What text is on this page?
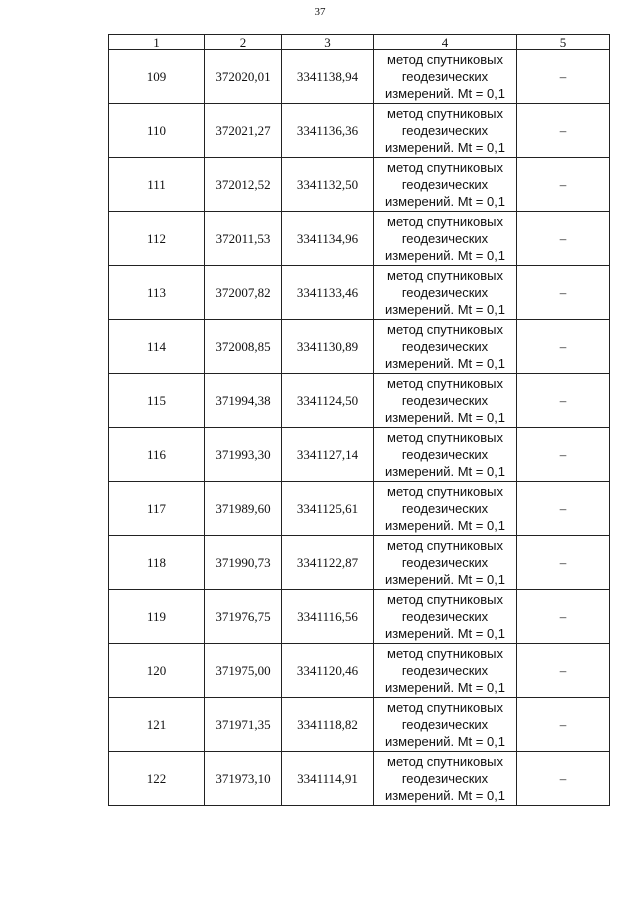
37
1	2	3	4	5
109	372020,01	3341138,94	метод спутниковых
геодезических
измерений. Mt = 0,1	–
110	372021,27	3341136,36	метод спутниковых
геодезических
измерений. Mt = 0,1	–
111	372012,52	3341132,50	метод спутниковых
геодезических
измерений. Mt = 0,1	–
112	372011,53	3341134,96	метод спутниковых
геодезических
измерений. Mt = 0,1	–
113	372007,82	3341133,46	метод спутниковых
геодезических
измерений. Mt = 0,1	–
114	372008,85	3341130,89	метод спутниковых
геодезических
измерений. Mt = 0,1	–
115	371994,38	3341124,50	метод спутниковых
геодезических
измерений. Mt = 0,1	–
116	371993,30	3341127,14	метод спутниковых
геодезических
измерений. Mt = 0,1	–
117	371989,60	3341125,61	метод спутниковых
геодезических
измерений. Mt = 0,1	–
118	371990,73	3341122,87	метод спутниковых
геодезических
измерений. Mt = 0,1	–
119	371976,75	3341116,56	метод спутниковых
геодезических
измерений. Mt = 0,1	–
120	371975,00	3341120,46	метод спутниковых
геодезических
измерений. Mt = 0,1	–
121	371971,35	3341118,82	метод спутниковых
геодезических
измерений. Mt = 0,1	–
122	371973,10	3341114,91	метод спутниковых
геодезических
измерений. Mt = 0,1	–
